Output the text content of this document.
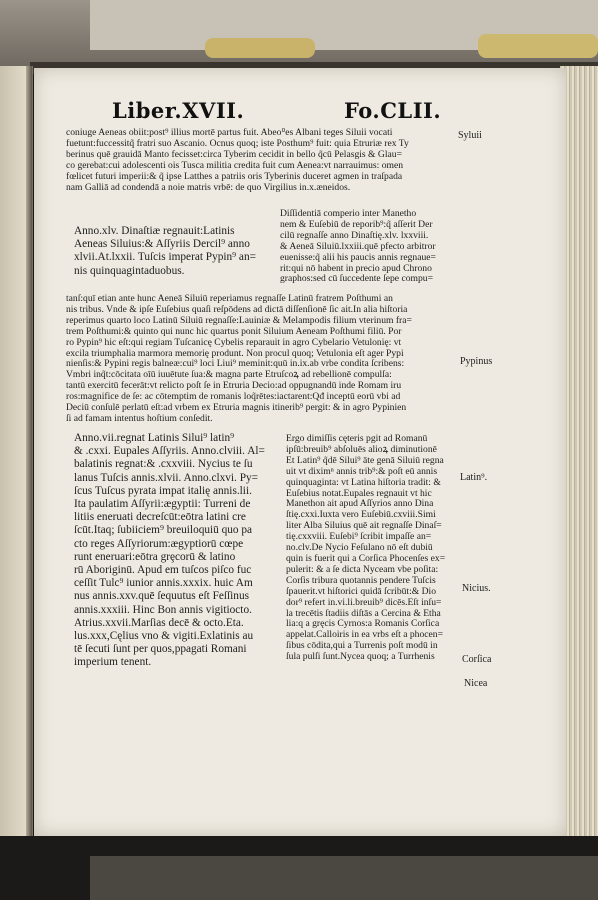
Liber.XVII.	Fo.CLII.
coniuge Aeneas obiit:post⁹ illius mortē partus fuit. Abeo⁰es Albani teges Siluii vocati
fuetunt:fuccessitq̃ fratri suo Ascanio. Ocnus quoq; iste Posthum⁹ fuit: quia Etruriæ rex Ty
berinus quē grauidā Manto fecisset:circa Tyberim cecidit in bello q̃cū Pelasgis & Glau=
co gerebat:cui adolescenti ois Tusca militia credita fuit cum Aenea:vt narrauimus: omen
fœlicet futuri imperii:& q̃ ipse Latthes a patriis oris Tyberinis duceret agmen in traſpada
nam Galliā ad condendā a noie matris vrbē: de quo Virgilius in.x.æneidos.
Anno.xlv. Dinaſtiæ regnauit:Latinis
Aeneas Siluius:& Aſſyriis Dercil⁹ anno
xlvii.At.lxxii. Tuſcis imperat Pypin⁹ an=
nis quinquagintaduobus.
Diſſidentiā comperio inter Manetho
nem & Euſebiū de reporib⁹:q̃ aſſerit Der
cilū regnaſſe anno Dinaſtię.xlv. lxxviii.
& Aeneā Siluiū.lxxiii.quē pfecto arbitror
euenisse:q̃ alii his paucis annis regnaue=
rit:qui nō habent in precio apud Chrono
graphos:sed cū ſuccedente ſepe compu=
tanſ:quī etian ante hunc Aeneā Siluiū reperiamus regnaſſe Latinū fratrem Poſthumi an
nis tribus. Vnde & ipſe Euſebius quaſi reſpōdens ad dictā diſſenſionē ſic ait.In alia hiſtoria
reperimus quarto loco Latinū Siluiū regnaſſe:Lauiniæ & Melampodis filium vterinum fra=
trem Poſthumi:& quinto qui nunc hic quartus ponit Siluium Aeneam Poſthumi filiū. Por
ro Pypin⁹ hic eſt:qui regiam Tuſcanicę Cybelis reparauit in agro Cybelario Vetulonię: vt
excila triumphalia marmora memorię produnt. Non procul quoq; Vetulonia eſt ager Pypi
nienſis:& Pypini regis balneæ:cui⁹ loci Liui⁹ meminit:quū in.ix.ab vrbe condita ſcribens:
Vmbri inq̃t:cōcitata oīū iuuētute ſua:& magna parte Etruſcoꝝ ad rebellionē compulſa:
tantū exercitū fecerāt:vt relicto poſt ſe in Etruria Decio:ad oppugnandū inde Romam iru
ros:magnifice de ſe: ac cōtemptim de romanis loq̃rētes:iactarent:Qđ inceptū eorū vbi ad
Deciū conſulē perlatū eſt:ad vrbem ex Etruria magnis itinerib⁹ pergit: & in agro Pypinien
ſi ad famam intentus hoſtium conſedit.
Anno.vii.regnat Latinis Silui⁹ latin⁹
& .cxxi. Eupales Aſſyriis. Anno.clviii. Al=
balatinis regnat:& .cxxviii. Nycius te ſu
lanus Tuſcis annis.xlvii. Anno.clxvi. Py=
ſcus Tuſcus pyrata impat italię annis.lii.
Ita paulatim Aſſyrii:ægyptii: Turreni de
litiis eneruati decreſcūt:eōtra latini cre
ſcūt.Itaq; ſubiiciem⁹ breuiloquiū quo pa
cto reges Aſſyriorum:ægyptiorū cœpe
runt eneruari:eōtra grȩcorū & latino
rū Aboriginū. Apud em tuſcos piſco fuc
ceſſit Tulc⁹ iunior annis.xxxix. huic Am
nus annis.xxv.quē ſequutus eſt Feſſinus
annis.xxxiii. Hinc Bon annis vigitiocto.
Atrius.xxvii.Marſias decē & octo.Eta.
lus.xxx,Cęlius vno & vigiti.Exlatinis au
tē ſecuti ſunt per quos,ppagati Romani
imperium tenent.
Ergo dimiſſis cęteris pgit ad Romanū
ipſū:breuib⁹ abſoluēs alioꝝ diminutionē
Et Latin⁹ q̃dē Silui⁹ āte genā Siluiū regna
uit vt diximⁿ annis trib⁹:& poſt eū annis
quinquaginta: vt Latina hiſtoria tradit: &
Euſebius notat.Eupales regnauit vt hic
Manethon ait apud Aſſyrios anno Dina
ſtię.cxxi.Iuxta vero Euſebiū.cxviii.Simi
liter Alba Siluius quē ait regnaſſe Dinaſ=
tię.cxxviii. Euſebi⁹ ſcribit impaſſe an=
no.clv.De Nycio Feſulano nō eſt dubiū
quin is fuerit qui a Corſica Phocenſes ex=
pulerit: & a ſe dicta Nyceam vbe poſita:
Corſis tribura quotannis pendere Tuſcis
ſpauerit.vt hiſtorici quidā ſcribūt:& Dio
dor⁹ refert in.vi.li.breuib⁹ dicēs.Eſt inſu=
la trecētis ſtadiis diſtās a Cercina & Etha
lia:q a gręcis Cyrnos:a Romanis Corſica
appelat.Calloiris in ea vrbs eſt a phocen=
ſibus cōdita,qui a Turrenis poſt modū in
ſula pulſi ſunt.Nycea quoq; a Turrhenis
Syluii
Pypinus
Latin⁹.
Nicius.
Corſica
Nicea
